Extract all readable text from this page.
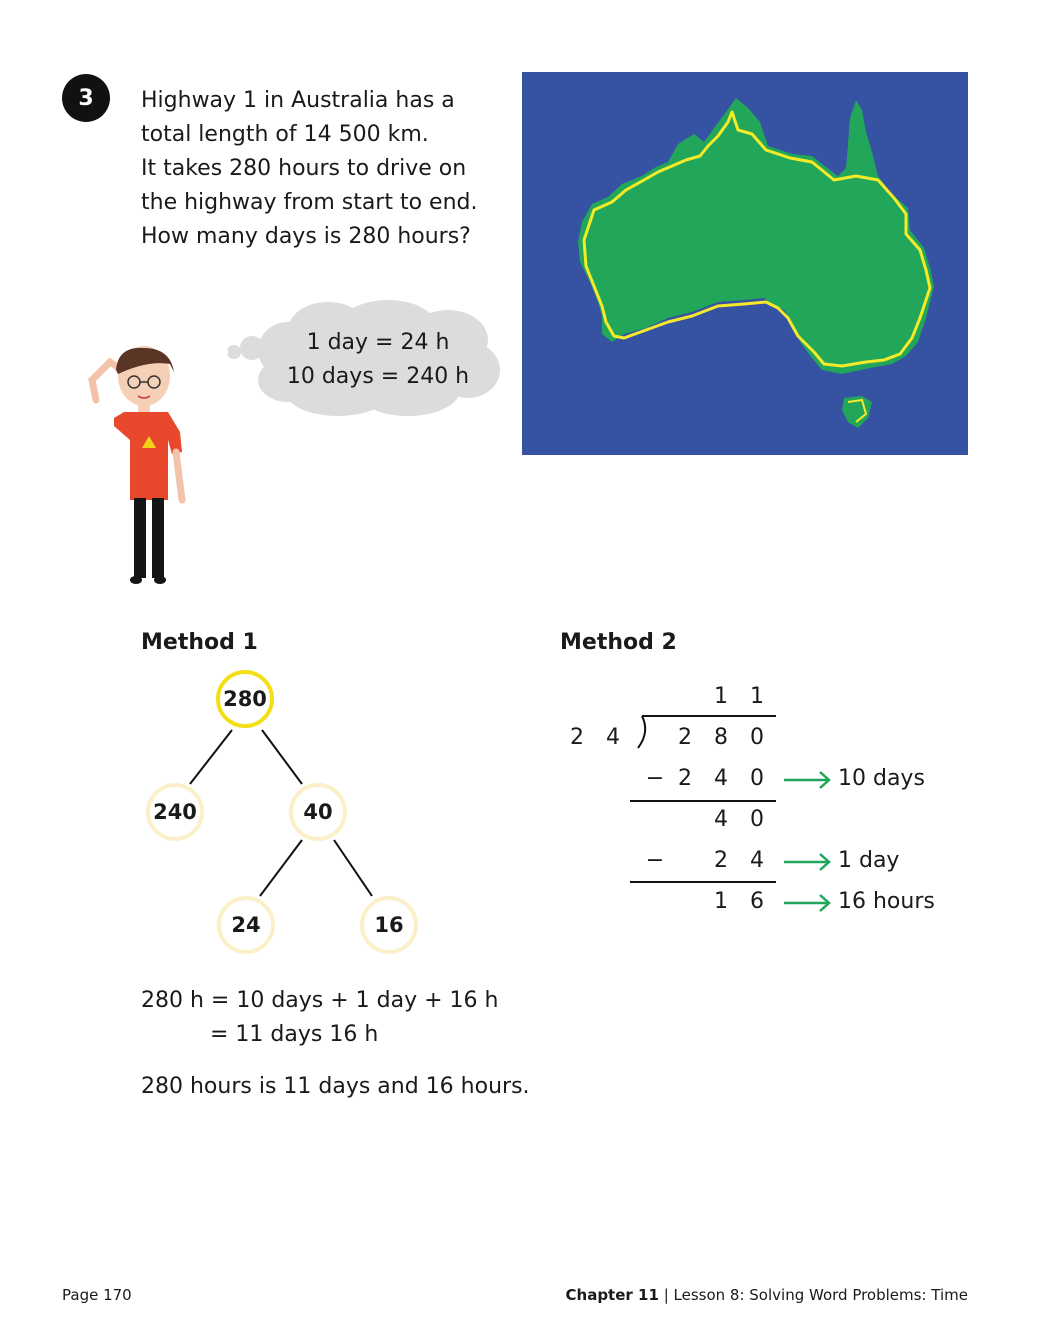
3	Highway 1 in Australia has a
total length of 14 500 km.
It takes 280 hours to drive on
the highway from start to end.
How many days is 280 hours?
1 day = 24 h
10 days = 240 h
Method 1
280
240	40
24	16
280 h = 10 days + 1 day + 16 h
= 11 days 16 h
280 hours is 11 days and 16 hours.
Method 2
1 1
2 4	2 8 0
− 2 4 0	10 days
4 0
− 2 4	1 day
1 6	16 hours
Page 170	Chapter 11 | Lesson 8: Solving Word Problems: Time
